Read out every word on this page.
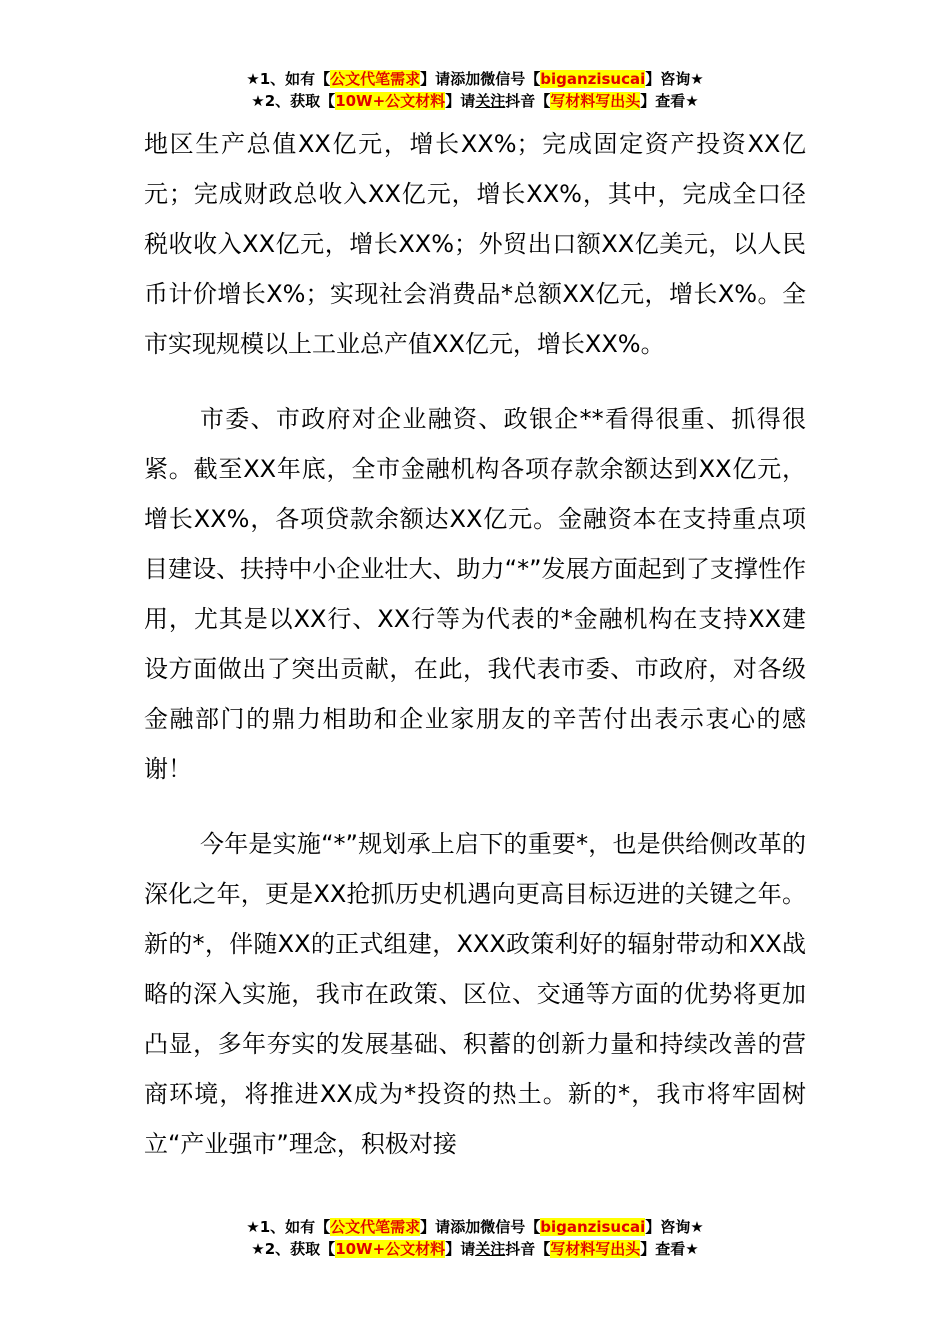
★1、如有【公文代笔需求】请添加微信号【biganzisucai】咨询★
★2、获取【10W+公文材料】请关注抖音【写材料写出头】查看★

地区生产总值XX亿元，增长XX%；完成固定资产投资XX亿元；完成财政总收入XX亿元，增长XX%，其中，完成全口径税收收入XX亿元，增长XX%；外贸出口额XX亿美元，以人民币计价增长X%；实现社会消费品*总额XX亿元，增长X%。全市实现规模以上工业总产值XX亿元，增长XX%。

市委、市政府对企业融资、政银企**看得很重、抓得很紧。截至XX年底，全市金融机构各项存款余额达到XX亿元，增长XX%，各项贷款余额达XX亿元。金融资本在支持重点项目建设、扶持中小企业壮大、助力“*”发展方面起到了支撑性作用，尤其是以XX行、XX行等为代表的*金融机构在支持XX建设方面做出了突出贡献，在此，我代表市委、市政府，对各级金融部门的鼎力相助和企业家朋友的辛苦付出表示衷心的感谢！

今年是实施“*”规划承上启下的重要*，也是供给侧改革的深化之年，更是XX抢抓历史机遇向更高目标迈进的关键之年。新的*，伴随XX的正式组建，XXX政策利好的辐射带动和XX战略的深入实施，我市在政策、区位、交通等方面的优势将更加凸显，多年夯实的发展基础、积蓄的创新力量和持续改善的营商环境，将推进XX成为*投资的热土。新的*，我市将牢固树立“产业强市”理念，积极对接

★1、如有【公文代笔需求】请添加微信号【biganzisucai】咨询★
★2、获取【10W+公文材料】请关注抖音【写材料写出头】查看★
